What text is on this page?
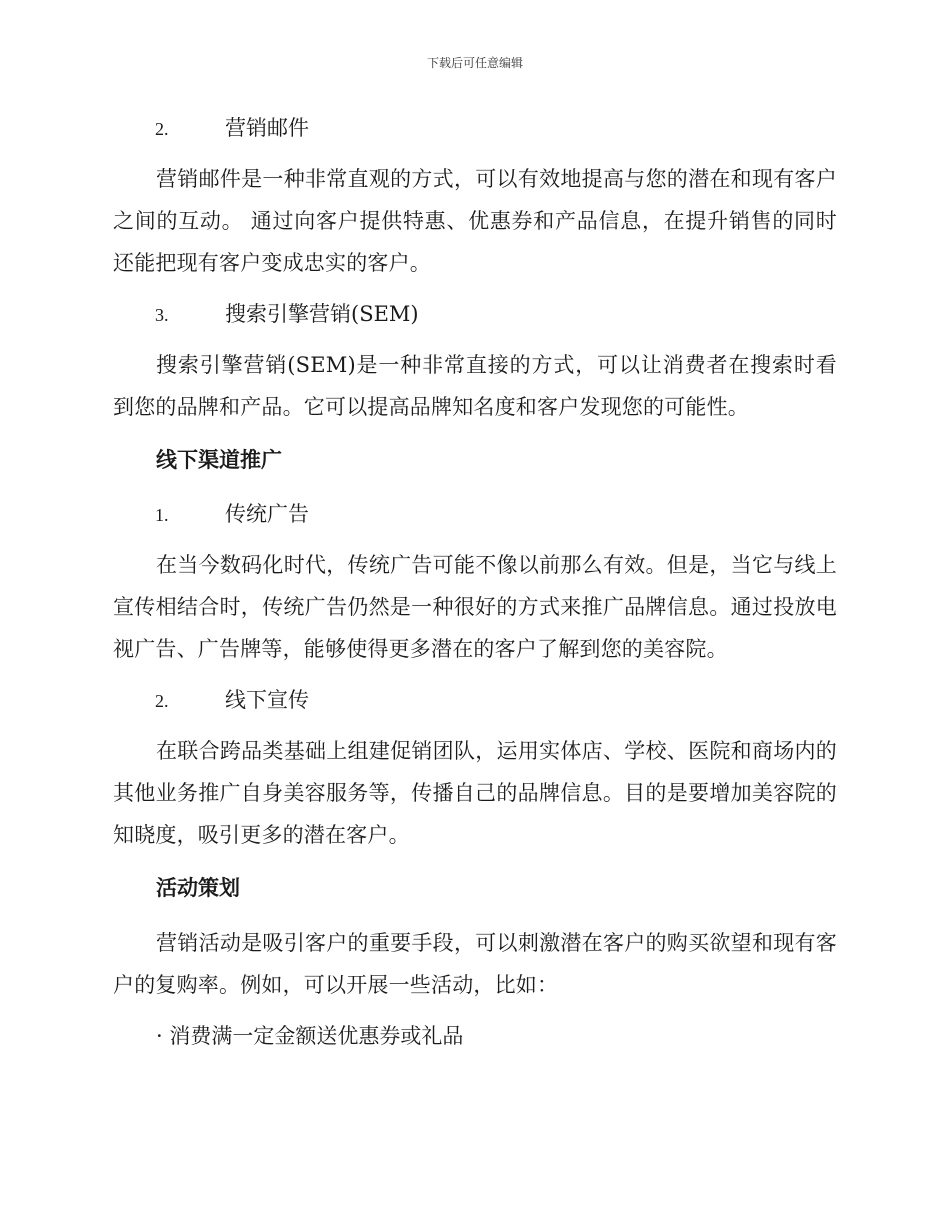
下载后可任意编辑
2.	营销邮件

营销邮件是一种非常直观的方式，可以有效地提高与您的潜在和现有客户之间的互动。 通过向客户提供特惠、优惠券和产品信息，在提升销售的同时还能把现有客户变成忠实的客户。

3.	搜索引擎营销(SEM)

搜索引擎营销(SEM)是一种非常直接的方式，可以让消费者在搜索时看到您的品牌和产品。它可以提高品牌知名度和客户发现您的可能性。

线下渠道推广
1.	传统广告

在当今数码化时代，传统广告可能不像以前那么有效。但是，当它与线上宣传相结合时，传统广告仍然是一种很好的方式来推广品牌信息。通过投放电视广告、广告牌等，能够使得更多潜在的客户了解到您的美容院。

2.	线下宣传

在联合跨品类基础上组建促销团队，运用实体店、学校、医院和商场内的其他业务推广自身美容服务等，传播自己的品牌信息。目的是要增加美容院的知晓度，吸引更多的潜在客户。

活动策划

营销活动是吸引客户的重要手段，可以刺激潜在客户的购买欲望和现有客户的复购率。例如，可以开展一些活动，比如：

· 消费满一定金额送优惠券或礼品
